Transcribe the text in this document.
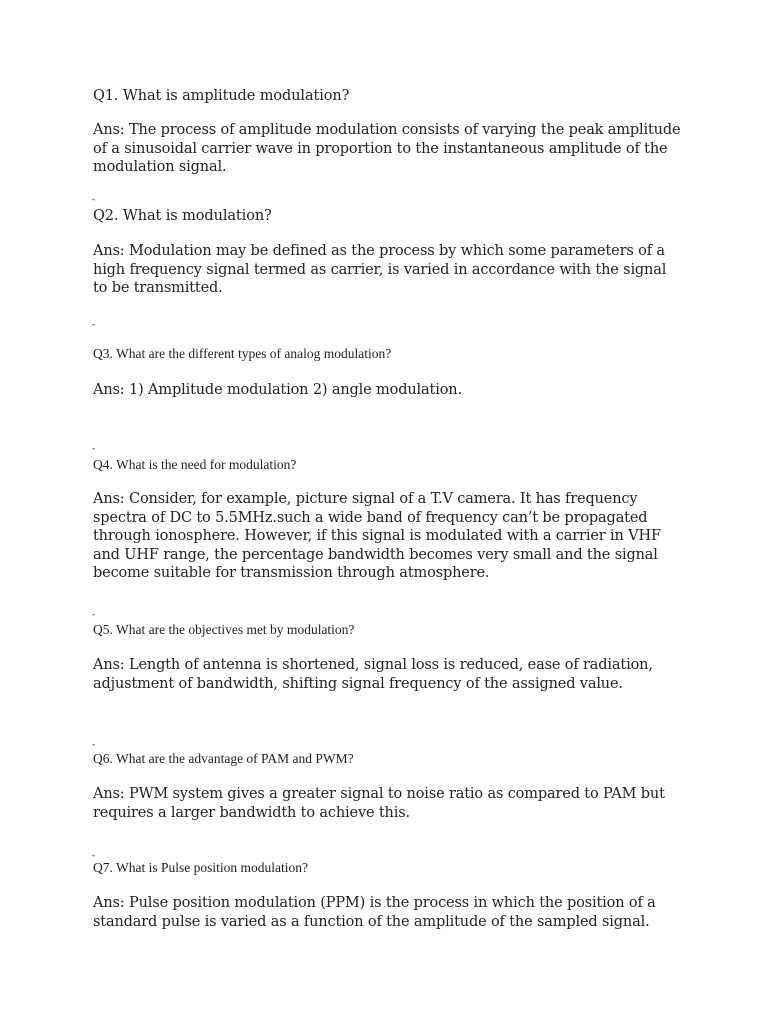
Q1. What is amplitude modulation?

Ans: The process of amplitude modulation consists of varying the peak amplitude of a sinusoidal carrier wave in proportion to the instantaneous amplitude of the modulation signal.

-

Q2. What is modulation?

Ans: Modulation may be defined as the process by which some parameters of a high frequency signal termed as carrier, is varied in accordance with the signal to be transmitted.

-

Q3. What are the different types of analog modulation?

Ans: 1) Amplitude modulation 2) angle modulation.

-

Q4. What is the need for modulation?

Ans: Consider, for example, picture signal of a T.V camera. It has frequency spectra of DC to 5.5MHz.such a wide band of frequency can’t be propagated through ionosphere. However, if this signal is modulated with a carrier in VHF and UHF range, the percentage bandwidth becomes very small and the signal become suitable for transmission through atmosphere.

-

Q5. What are the objectives met by modulation?

Ans: Length of antenna is shortened, signal loss is reduced, ease of radiation, adjustment of bandwidth, shifting signal frequency of the assigned value.

-

Q6. What are the advantage of PAM and PWM?

Ans: PWM system gives a greater signal to noise ratio as compared to PAM but requires a larger bandwidth to achieve this.

-

Q7. What is Pulse position modulation?

Ans: Pulse position modulation (PPM) is the process in which the position of a standard pulse is varied as a function of the amplitude of the sampled signal.
